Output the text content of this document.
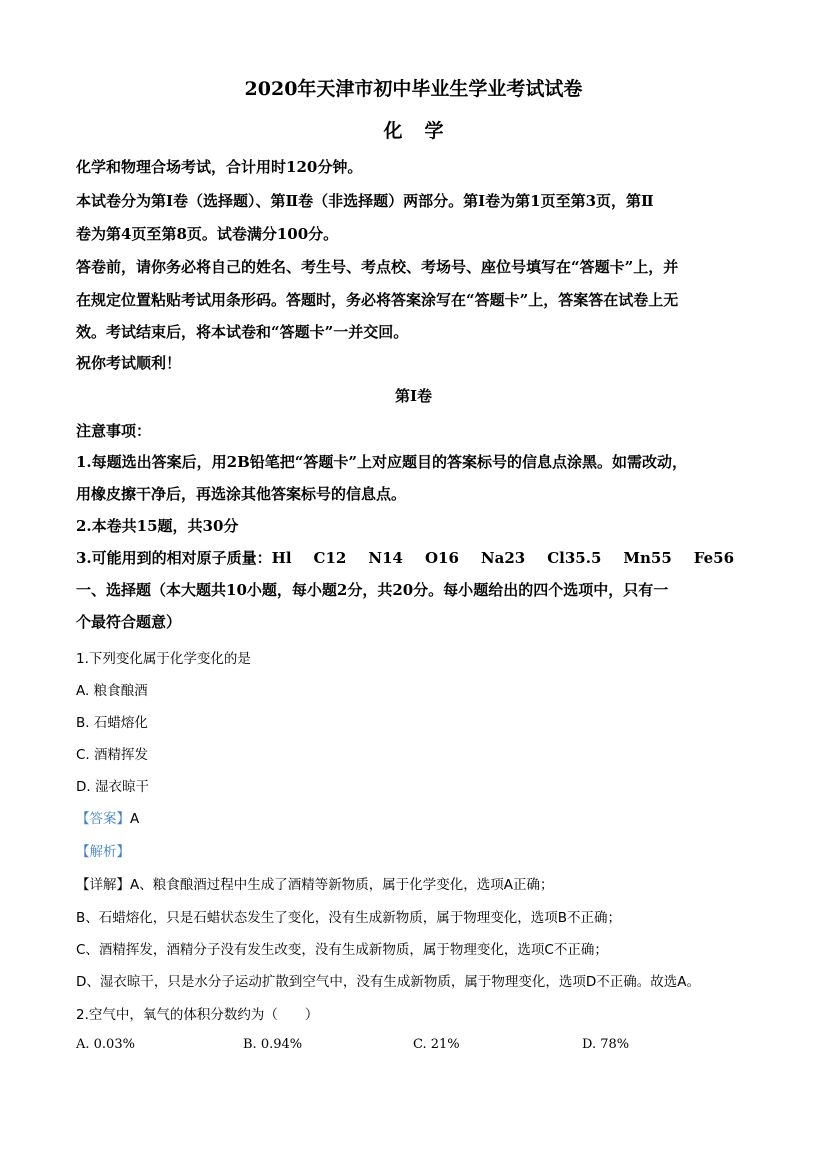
2020年天津市初中毕业生学业考试试卷
化学
化学和物理合场考试，合计用时120分钟。
本试卷分为第Ⅰ卷（选择题）、第Ⅱ卷（非选择题）两部分。第Ⅰ卷为第1页至第3页，第Ⅱ
卷为第4页至第8页。试卷满分100分。
答卷前，请你务必将自己的姓名、考生号、考点校、考场号、座位号填写在“答题卡”上，并
在规定位置粘贴考试用条形码。答题时，务必将答案涂写在“答题卡”上，答案答在试卷上无
效。考试结束后，将本试卷和“答题卡”一并交回。
祝你考试顺利！
第Ⅰ卷
注意事项：
1.每题选出答案后，用2B铅笔把“答题卡”上对应题目的答案标号的信息点涂黑。如需改动，
用橡皮擦干净后，再选涂其他答案标号的信息点。
2.本卷共15题，共30分
3.可能用到的相对原子质量：Hl C12 N14 O16 Na23 Cl35.5 Mn55 Fe56
一、选择题（本大题共10小题，每小题2分，共20分。每小题给出的四个选项中，只有一
个最符合题意）
1.下列变化属于化学变化的是
A. 粮食酿酒
B. 石蜡熔化
C. 酒精挥发
D. 湿衣晾干
【答案】A
【解析】
【详解】A、粮食酿酒过程中生成了酒精等新物质，属于化学变化，选项A正确；
B、石蜡熔化，只是石蜡状态发生了变化，没有生成新物质，属于物理变化，选项B不正确；
C、酒精挥发，酒精分子没有发生改变，没有生成新物质，属于物理变化，选项C不正确；
D、湿衣晾干，只是水分子运动扩散到空气中，没有生成新物质，属于物理变化，选项D不正确。故选A。
2.空气中，氧气的体积分数约为（　　）
A. 0.03%	B. 0.94%	C. 21%	D. 78%
